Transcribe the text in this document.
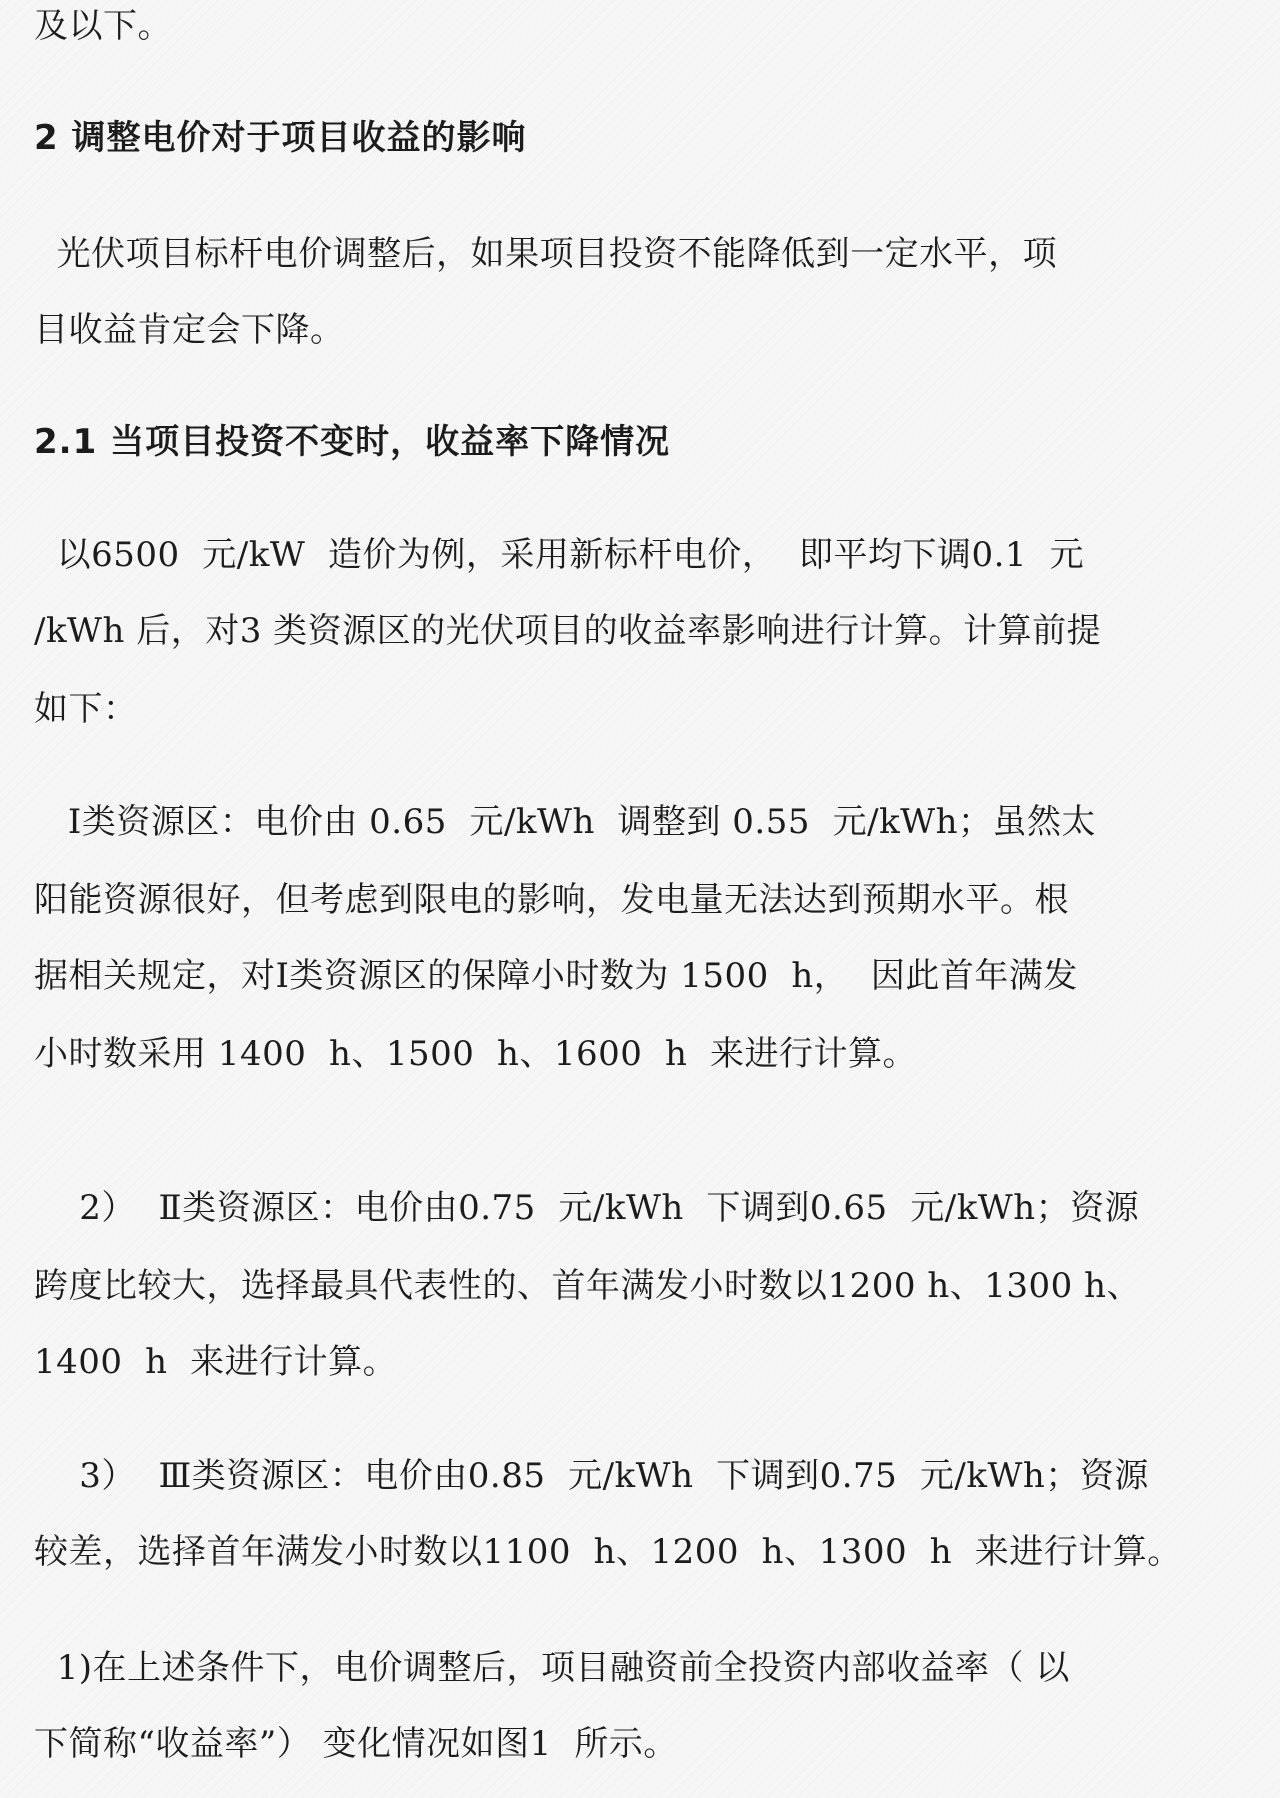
及以下。
2 调整电价对于项目收益的影响
光伏项目标杆电价调整后，如果项目投资不能降低到一定水平，项
目收益肯定会下降。
2.1 当项目投资不变时，收益率下降情况
以6500  元/kW  造价为例，采用新标杆电价，  即平均下调0.1  元
/kWh 后，对3 类资源区的光伏项目的收益率影响进行计算。计算前提
如下：
Ⅰ类资源区：电价由 0.65  元/kWh  调整到 0.55  元/kWh；虽然太
阳能资源很好，但考虑到限电的影响，发电量无法达到预期水平。根
据相关规定，对Ⅰ类资源区的保障小时数为 1500  h，  因此首年满发
小时数采用 1400  h、1500  h、1600  h  来进行计算。
2）  Ⅱ类资源区：电价由0.75  元/kWh  下调到0.65  元/kWh；资源
跨度比较大，选择最具代表性的、首年满发小时数以1200 h、1300 h、
1400  h  来进行计算。
3）  Ⅲ类资源区：电价由0.85  元/kWh  下调到0.75  元/kWh；资源
较差，选择首年满发小时数以1100  h、1200  h、1300  h  来进行计算。
1)在上述条件下，电价调整后，项目融资前全投资内部收益率（ 以
下简称“收益率”） 变化情况如图1  所示。
